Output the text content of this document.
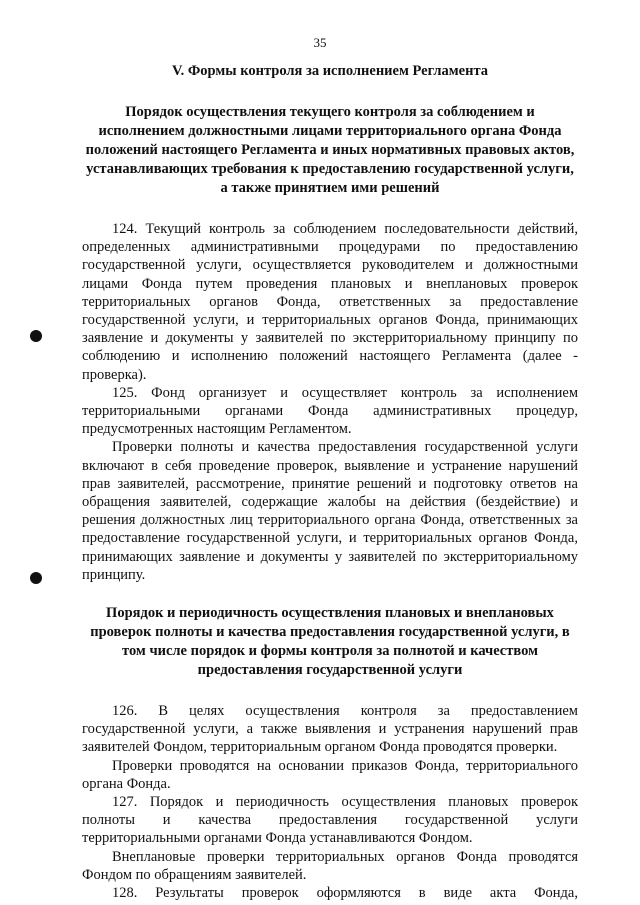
35
V. Формы контроля за исполнением Регламента
Порядок осуществления текущего контроля за соблюдением и исполнением должностными лицами территориального органа Фонда положений настоящего Регламента и иных нормативных правовых актов, устанавливающих требования к предоставлению государственной услуги, а также принятием ими решений

124. Текущий контроль за соблюдением последовательности действий, определенных административными процедурами по предоставлению государственной услуги, осуществляется руководителем и должностными лицами Фонда путем проведения плановых и внеплановых проверок территориальных органов Фонда, ответственных за предоставление государственной услуги, и территориальных органов Фонда, принимающих заявление и документы у заявителей по экстерриториальному принципу по соблюдению и исполнению положений настоящего Регламента (далее - проверка).

125. Фонд организует и осуществляет контроль за исполнением территориальными органами Фонда административных процедур, предусмотренных настоящим Регламентом.

Проверки полноты и качества предоставления государственной услуги включают в себя проведение проверок, выявление и устранение нарушений прав заявителей, рассмотрение, принятие решений и подготовку ответов на обращения заявителей, содержащие жалобы на действия (бездействие) и решения должностных лиц территориального органа Фонда, ответственных за предоставление государственной услуги, и территориальных органов Фонда, принимающих заявление и документы у заявителей по экстерриториальному принципу.

Порядок и периодичность осуществления плановых и внеплановых проверок полноты и качества предоставления государственной услуги, в том числе порядок и формы контроля за полнотой и качеством предоставления государственной услуги

126. В целях осуществления контроля за предоставлением государственной услуги, а также выявления и устранения нарушений прав заявителей Фондом, территориальным органом Фонда проводятся проверки.

Проверки проводятся на основании приказов Фонда, территориального органа Фонда.

127. Порядок и периодичность осуществления плановых проверок полноты и качества предоставления государственной услуги территориальными органами Фонда устанавливаются Фондом.

Внеплановые проверки территориальных органов Фонда проводятся Фондом по обращениям заявителей.

128. Результаты проверок оформляются в виде акта Фонда,
